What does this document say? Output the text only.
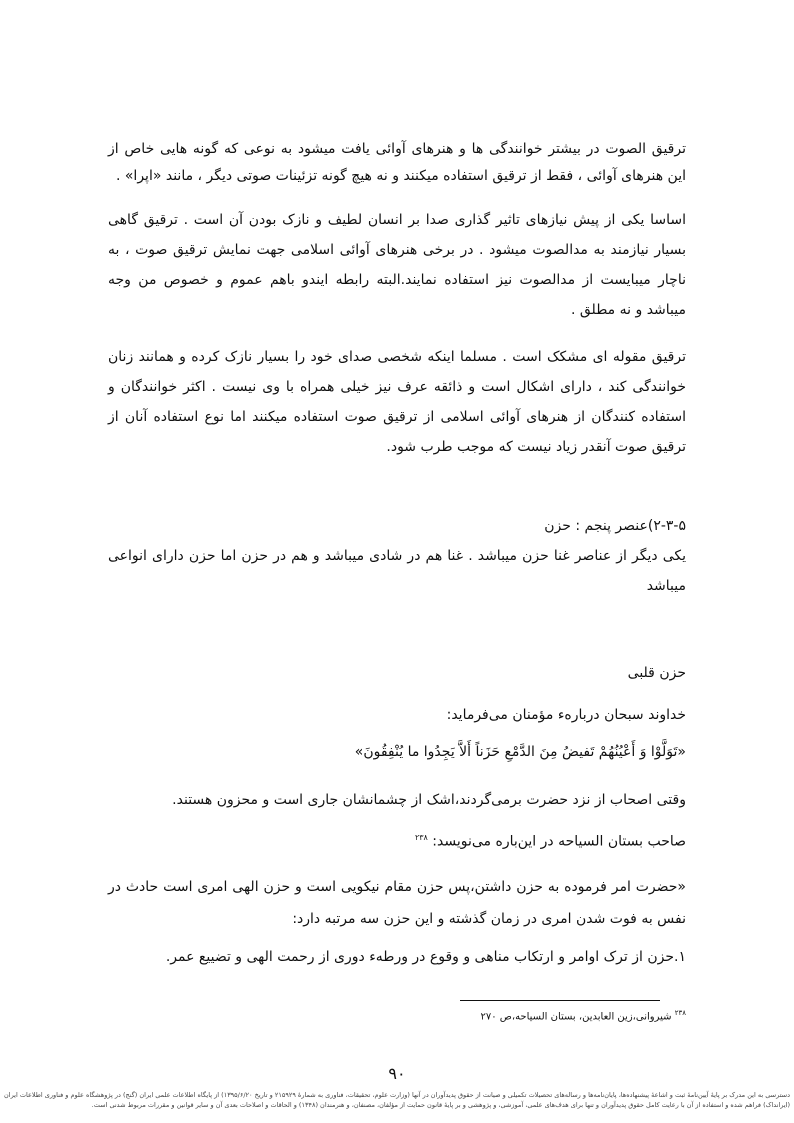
ترقیق الصوت در بیشتر خوانندگی ها و هنرهای آوائی یافت میشود به نوعی که گونه هایی خاص از این هنرهای آوائی ، فقط از ترقیق استفاده میکنند و نه هیچ گونه تزئینات صوتی دیگر ، مانند «اپرا» .
اساسا یکی از پیش نیازهای تاثیر گذاری صدا بر انسان لطیف و نازک بودن آن است . ترقیق گاهی بسیار نیازمند به مدالصوت میشود . در برخی هنرهای آوائی اسلامی جهت نمایش ترقیق صوت ، به ناچار میبایست از مدالصوت نیز استفاده نمایند.البته رابطه ایندو باهم عموم و خصوص من وجه میباشد و نه مطلق .
ترقیق مقوله ای مشکک است . مسلما اینکه شخصی صدای خود را بسیار نازک کرده و همانند زنان خوانندگی کند ، دارای اشکال است و ذائقه عرف نیز خیلی همراه با وی نیست . اکثر خوانندگان و استفاده کنندگان از هنرهای آوائی اسلامی از ترقیق صوت استفاده میکنند اما نوع استفاده آنان از ترقیق صوت آنقدر زیاد نیست که موجب طرب شود.
۲-۳-۵)عنصر پنجم : حزن
یکی دیگر از عناصر غنا حزن میباشد . غنا هم در شادی میباشد و هم در حزن اما حزن دارای انواعی میباشد
حزن قلبی
خداوند سبحان دربارهء مؤمنان می‌فرماید:
«تَوَلَّوْا وَ أَعْیُنُهُمْ تَفیضُ مِنَ الدَّمْعِ حَزَناً أَلاَّ یَجِدُوا ما یُنْفِقُونَ»
وقتی اصحاب از نزد حضرت برمی‌گردند،اشک از چشمانشان جاری است و محزون هستند.
صاحب بستان السیاحه در این‌باره می‌نویسد: $^{۲۳۸}$
«حضرت امر فرموده به حزن داشتن،پس حزن مقام نیکویی است و حزن الهی امری است حادث در نفس به فوت شدن امری در زمان گذشته و این حزن سه مرتبه دارد:
۱.حزن از ترک اوامر و ارتکاب مناهی و وقوع در ورطهء دوری از رحمت الهی و تضییع عمر.
$^{۲۳۸}$ شیروانی،زین العابدین، بستان السیاحه،ص ۲۷۰
۹۰
دسترسی به این مدرک بر پایهٔ آیین‌نامهٔ ثبت و اشاعهٔ پیشنهاده‌ها، پایان‌نامه‌ها و رساله‌های تحصیلات تکمیلی و صیانت از حقوق پدیدآوران در آنها (وزارت علوم، تحقیقات، فناوری به شمارهٔ ۲۱۵۹۲۹ و تاریخ ۱۳۹۵/۶/۲۰) از پایگاه اطلاعات علمی ایران (گنج) در پژوهشگاه علوم و فناوری اطلاعات ایران (ایرانداک) فراهم شده و استفاده از آن با رعایت کامل حقوق پدیدآوران و تنها برای هدف‌های علمی، آموزشی، و پژوهشی و بر پایهٔ قانون حمایت از مؤلفان، مصنفان، و هنرمندان (۱۳۴۸) و الحاقات و اصلاحات بعدی آن و سایر قوانین و مقررات مربوط شدنی است.
